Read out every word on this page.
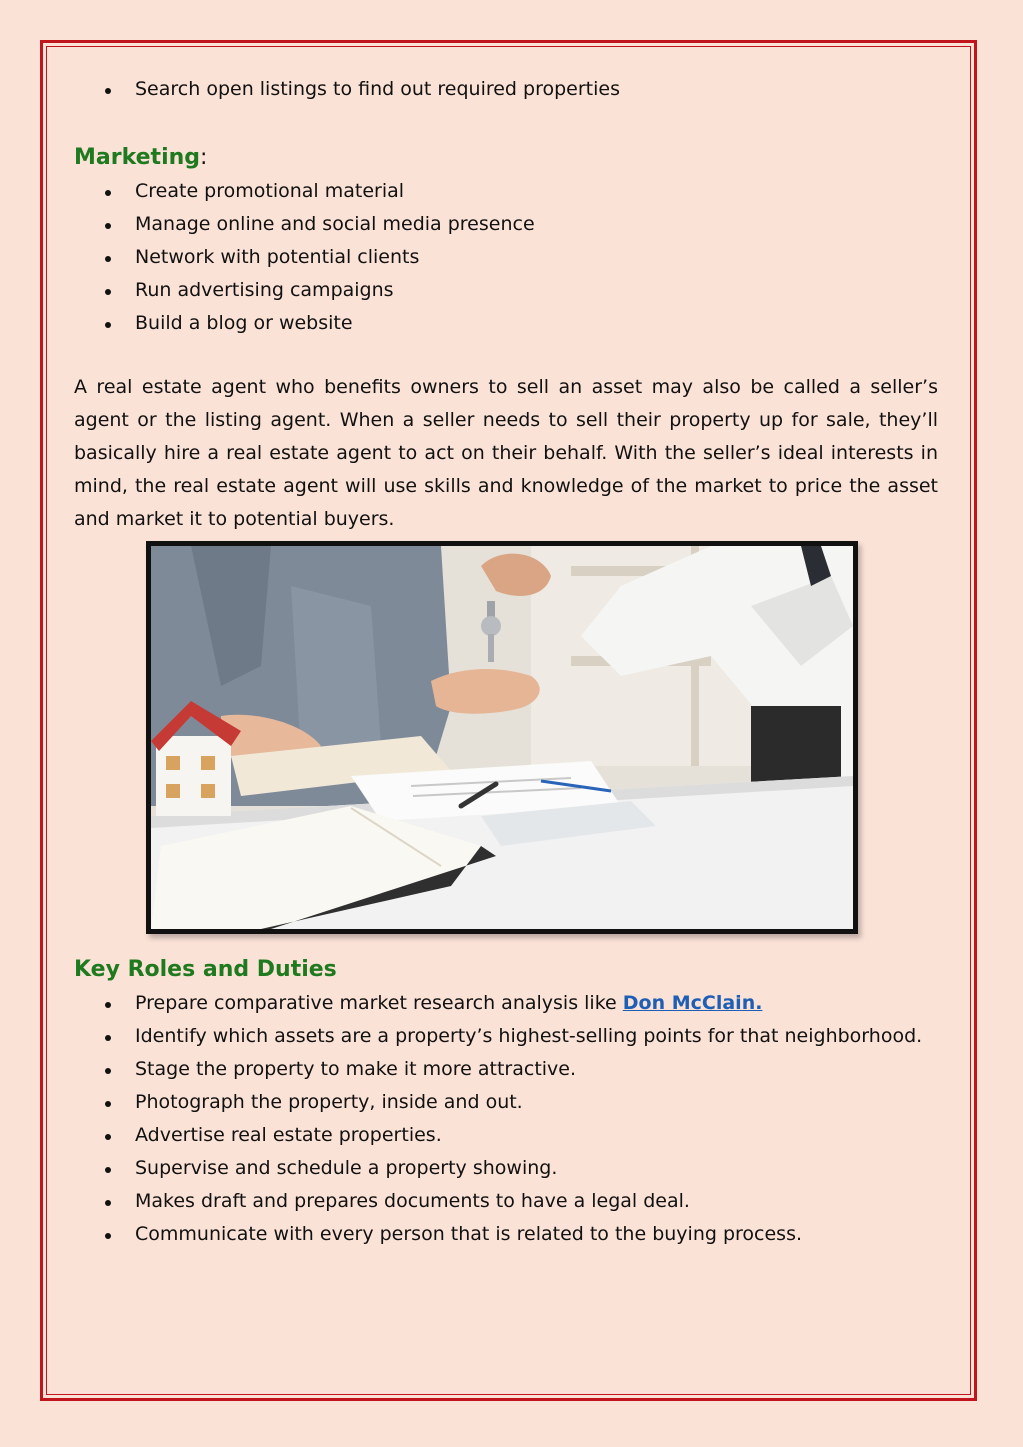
Search open listings to find out required properties
Marketing:
Create promotional material
Manage online and social media presence
Network with potential clients
Run advertising campaigns
Build a blog or website

A real estate agent who benefits owners to sell an asset may also be called a seller’s agent or the listing agent. When a seller needs to sell their property up for sale, they’ll basically hire a real estate agent to act on their behalf. With the seller’s ideal interests in mind, the real estate agent will use skills and knowledge of the market to price the asset and market it to potential buyers.

Key Roles and Duties
Prepare comparative market research analysis like Don McClain.
Identify which assets are a property’s highest-selling points for that neighborhood.
Stage the property to make it more attractive.
Photograph the property, inside and out.
Advertise real estate properties.
Supervise and schedule a property showing.
Makes draft and prepares documents to have a legal deal.
Communicate with every person that is related to the buying process.
